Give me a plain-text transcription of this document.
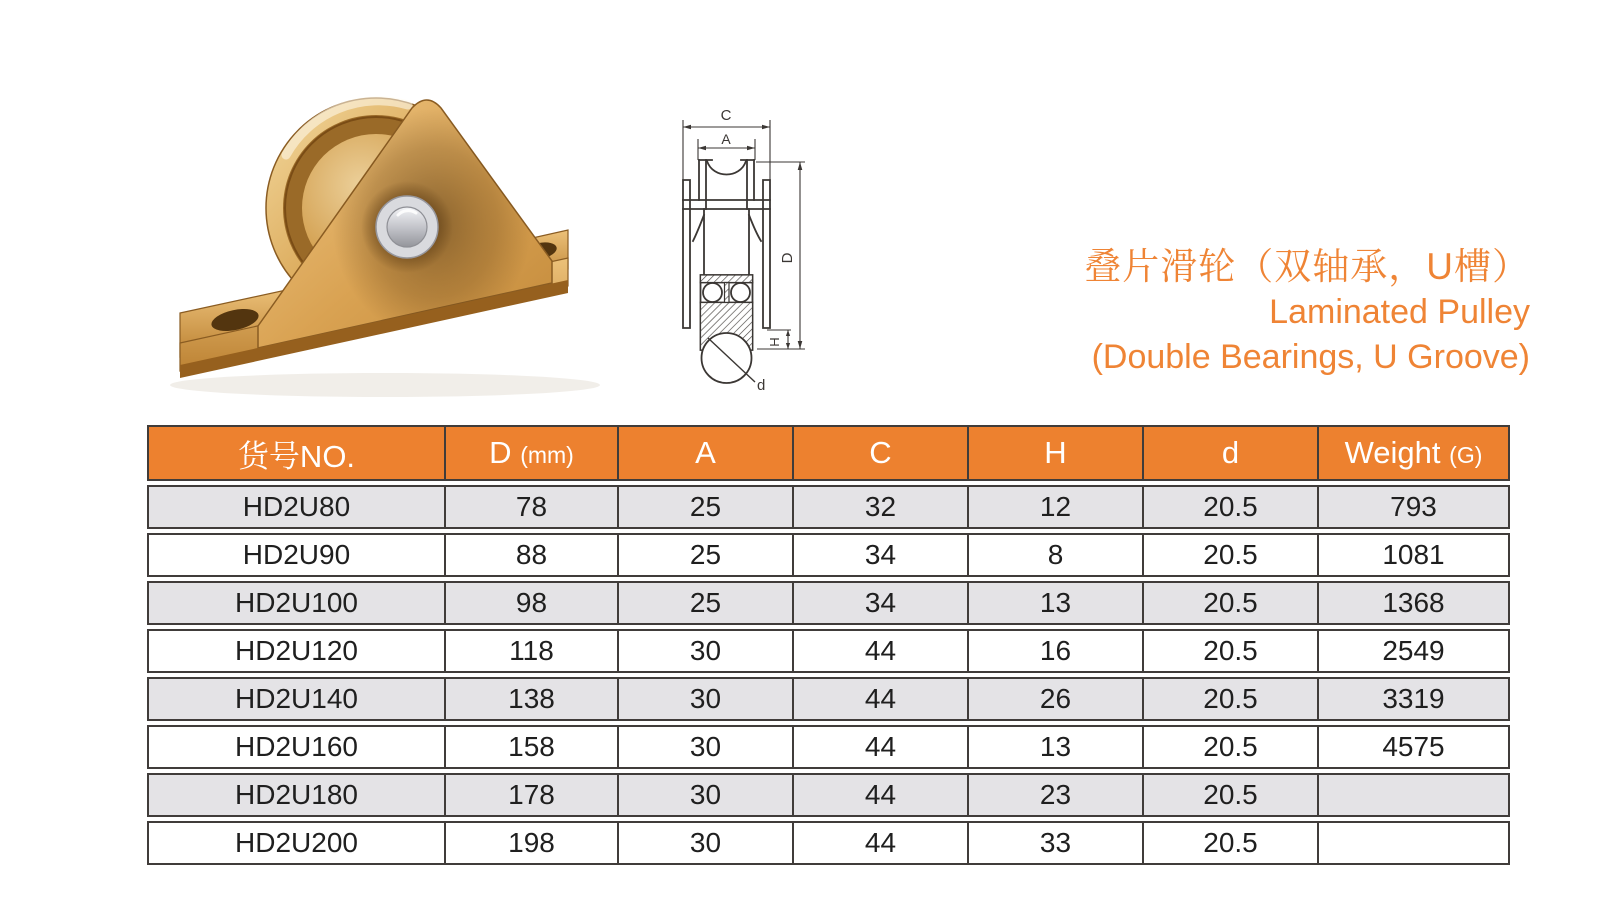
C
A
D
H
d
叠片滑轮（双轴承，U槽）
Laminated Pulley
(Double Bearings, U Groove)
货号NO.	D (mm)	A	C	H	d	Weight (G)
HD2U80	78	25	32	12	20.5	793
HD2U90	88	25	34	8	20.5	1081
HD2U100	98	25	34	13	20.5	1368
HD2U120	118	30	44	16	20.5	2549
HD2U140	138	30	44	26	20.5	3319
HD2U160	158	30	44	13	20.5	4575
HD2U180	178	30	44	23	20.5	
HD2U200	198	30	44	33	20.5	
